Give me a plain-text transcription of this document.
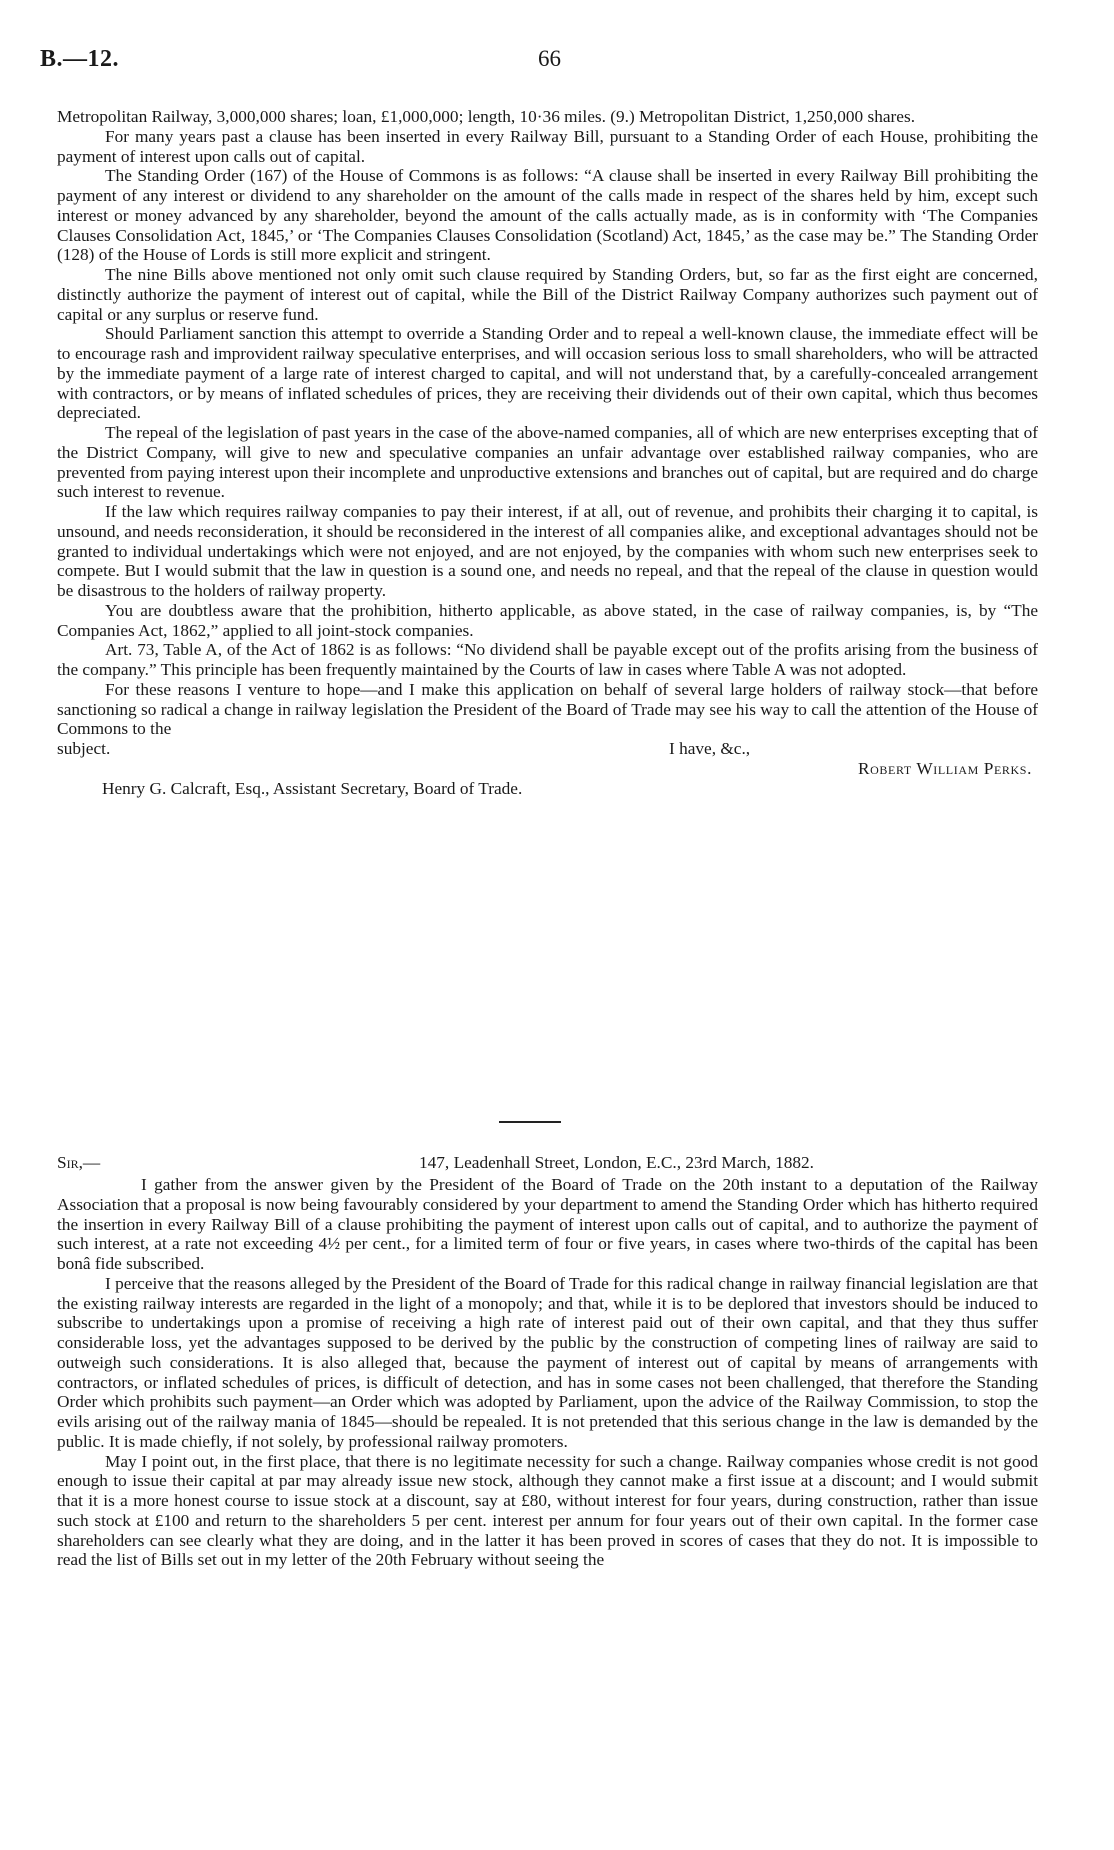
B.—12.	66

Metropolitan Railway, 3,000,000 shares; loan, £1,000,000; length, 10·36 miles. (9.) Metropolitan District, 1,250,000 shares.

For many years past a clause has been inserted in every Railway Bill, pursuant to a Standing Order of each House, prohibiting the payment of interest upon calls out of capital.

The Standing Order (167) of the House of Commons is as follows: “A clause shall be inserted in every Railway Bill prohibiting the payment of any interest or dividend to any shareholder on the amount of the calls made in respect of the shares held by him, except such interest or money advanced by any shareholder, beyond the amount of the calls actually made, as is in conformity with ‘The Companies Clauses Consolidation Act, 1845,’ or ‘The Companies Clauses Consolidation (Scotland) Act, 1845,’ as the case may be.” The Standing Order (128) of the House of Lords is still more explicit and stringent.

The nine Bills above mentioned not only omit such clause required by Standing Orders, but, so far as the first eight are concerned, distinctly authorize the payment of interest out of capital, while the Bill of the District Railway Company authorizes such payment out of capital or any surplus or reserve fund.

Should Parliament sanction this attempt to override a Standing Order and to repeal a well-known clause, the immediate effect will be to encourage rash and improvident railway speculative enterprises, and will occasion serious loss to small shareholders, who will be attracted by the immediate payment of a large rate of interest charged to capital, and will not understand that, by a carefully-concealed arrangement with contractors, or by means of inflated schedules of prices, they are receiving their dividends out of their own capital, which thus becomes depreciated.

The repeal of the legislation of past years in the case of the above-named companies, all of which are new enterprises excepting that of the District Company, will give to new and speculative companies an unfair advantage over established railway companies, who are prevented from paying interest upon their incomplete and unproductive extensions and branches out of capital, but are required and do charge such interest to revenue.

If the law which requires railway companies to pay their interest, if at all, out of revenue, and prohibits their charging it to capital, is unsound, and needs reconsideration, it should be reconsidered in the interest of all companies alike, and exceptional advantages should not be granted to individual undertakings which were not enjoyed, and are not enjoyed, by the companies with whom such new enterprises seek to compete. But I would submit that the law in question is a sound one, and needs no repeal, and that the repeal of the clause in question would be disastrous to the holders of railway property.

You are doubtless aware that the prohibition, hitherto applicable, as above stated, in the case of railway companies, is, by “The Companies Act, 1862,” applied to all joint-stock companies.

Art. 73, Table A, of the Act of 1862 is as follows: “No dividend shall be payable except out of the profits arising from the business of the company.” This principle has been frequently maintained by the Courts of law in cases where Table A was not adopted.

For these reasons I venture to hope—and I make this application on behalf of several large holders of railway stock—that before sanctioning so radical a change in railway legislation the President of the Board of Trade may see his way to call the attention of the House of Commons to the

subject.	I have, &c.,
Robert William Perks.
Henry G. Calcraft, Esq., Assistant Secretary, Board of Trade.
Sir,—	147, Leadenhall Street, London, E.C., 23rd March, 1882.

I gather from the answer given by the President of the Board of Trade on the 20th instant to a deputation of the Railway Association that a proposal is now being favourably considered by your department to amend the Standing Order which has hitherto required the insertion in every Railway Bill of a clause prohibiting the payment of interest upon calls out of capital, and to authorize the payment of such interest, at a rate not exceeding 4½ per cent., for a limited term of four or five years, in cases where two-thirds of the capital has been bonâ fide subscribed.

I perceive that the reasons alleged by the President of the Board of Trade for this radical change in railway financial legislation are that the existing railway interests are regarded in the light of a monopoly; and that, while it is to be deplored that investors should be induced to subscribe to undertakings upon a promise of receiving a high rate of interest paid out of their own capital, and that they thus suffer considerable loss, yet the advantages supposed to be derived by the public by the construction of competing lines of railway are said to outweigh such considerations. It is also alleged that, because the payment of interest out of capital by means of arrangements with contractors, or inflated schedules of prices, is difficult of detection, and has in some cases not been challenged, that therefore the Standing Order which prohibits such payment—an Order which was adopted by Parliament, upon the advice of the Railway Commission, to stop the evils arising out of the railway mania of 1845—should be repealed. It is not pretended that this serious change in the law is demanded by the public. It is made chiefly, if not solely, by professional railway promoters.

May I point out, in the first place, that there is no legitimate necessity for such a change. Railway companies whose credit is not good enough to issue their capital at par may already issue new stock, although they cannot make a first issue at a discount; and I would submit that it is a more honest course to issue stock at a discount, say at £80, without interest for four years, during construction, rather than issue such stock at £100 and return to the shareholders 5 per cent. interest per annum for four years out of their own capital. In the former case shareholders can see clearly what they are doing, and in the latter it has been proved in scores of cases that they do not. It is impossible to read the list of Bills set out in my letter of the 20th February without seeing the
